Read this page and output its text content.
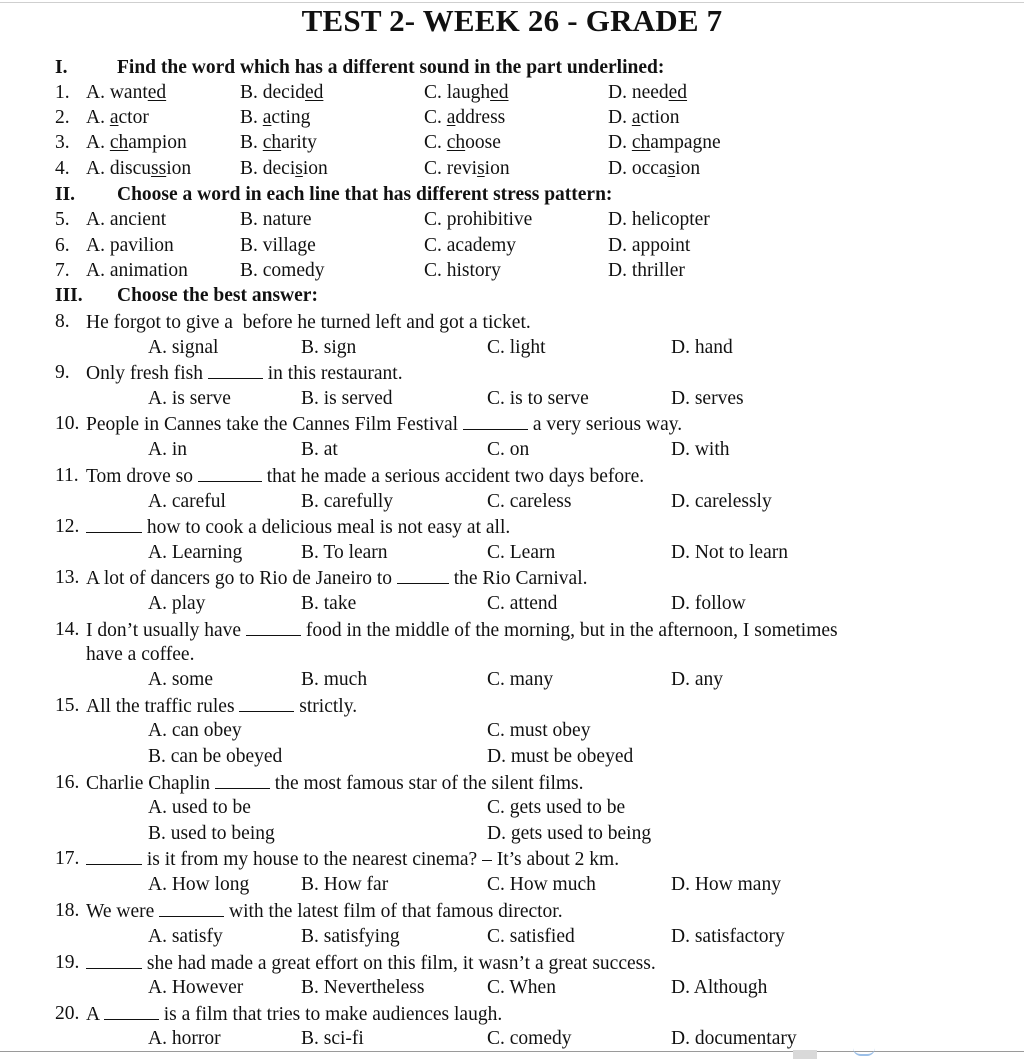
TEST 2- WEEK 26 - GRADE 7
I.	Find the word which has a different sound in the part underlined:
1. A. wanted	B. decided	C. laughed	D. needed
2. A. actor	B. acting	C. address	D. action
3. A. champion	B. charity	C. choose	D. champagne
4. A. discussion	B. decision	C. revision	D. occasion
II. Choose a word in each line that has different stress pattern:
5. A. ancient	B. nature	C. prohibitive	D. helicopter
6. A. pavilion	B. village	C. academy	D. appoint
7. A. animation	B. comedy	C. history	D. thriller
III. Choose the best answer:
8. He forgot to give a before he turned left and got a ticket.
A. signal	B. sign	C. light	D. hand
9. Only fresh fish	in this restaurant.
A. is serve	B. is served	C. is to serve	D. serves
10. People in Cannes take the Cannes Film Festival	a very serious way.
A. in	B. at	C. on	D. with
11. Tom drove so	that he made a serious accident two days before.
A. careful	B. carefully	C. careless	D. carelessly
12.	how to cook a delicious meal is not easy at all.
A. Learning	B. To learn	C. Learn	D. Not to learn
13. A lot of dancers go to Rio de Janeiro to	the Rio Carnival.
A. play	B. take	C. attend	D. follow
14. I don’t usually have	food in the middle of the morning, but in the afternoon, I sometimes
have a coffee.
A. some	B. much	C. many	D. any
15. All the traffic rules	strictly.
A. can obey	C. must obey
B. can be obeyed	D. must be obeyed
16. Charlie Chaplin	the most famous star of the silent films.
A. used to be	C. gets used to be
B. used to being	D. gets used to being
17.	is it from my house to the nearest cinema? – It’s about 2 km.
A. How long	B. How far	C. How much	D. How many
18. We were	with the latest film of that famous director.
A. satisfy	B. satisfying	C. satisfied	D. satisfactory
19.	she had made a great effort on this film, it wasn’t a great success.
A. However	B. Nevertheless	C. When	D. Although
20. A	is a film that tries to make audiences laugh.
A. horror	B. sci-fi	C. comedy	D. documentary
